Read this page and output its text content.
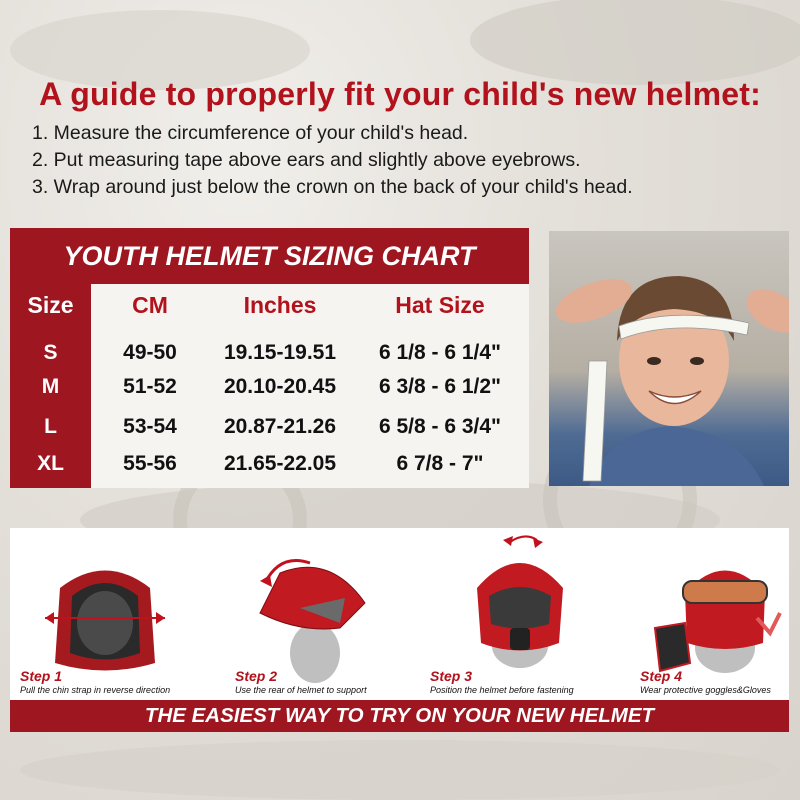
A guide to properly fit your child's new helmet:
1. Measure the circumference of your child's head.
2. Put measuring tape above ears and slightly above eyebrows.
3. Wrap around just below the crown on the back of your child's head.
YOUTH HELMET SIZING CHART
Size	CM	Inches	Hat Size
S	49-50	19.15-19.51	6 1/8 - 6 1/4"
M	51-52	20.10-20.45	6 3/8 - 6 1/2"
L	53-54	20.87-21.26	6 5/8 - 6 3/4"
XL	55-56	21.65-22.05	6 7/8 - 7"
Step 1
Pull the chin strap in reverse direction
Step 2
Use the rear of helmet to support
Step 3
Position the helmet before fastening
Step 4
Wear protective goggles&Gloves
THE EASIEST WAY TO TRY ON YOUR NEW HELMET
